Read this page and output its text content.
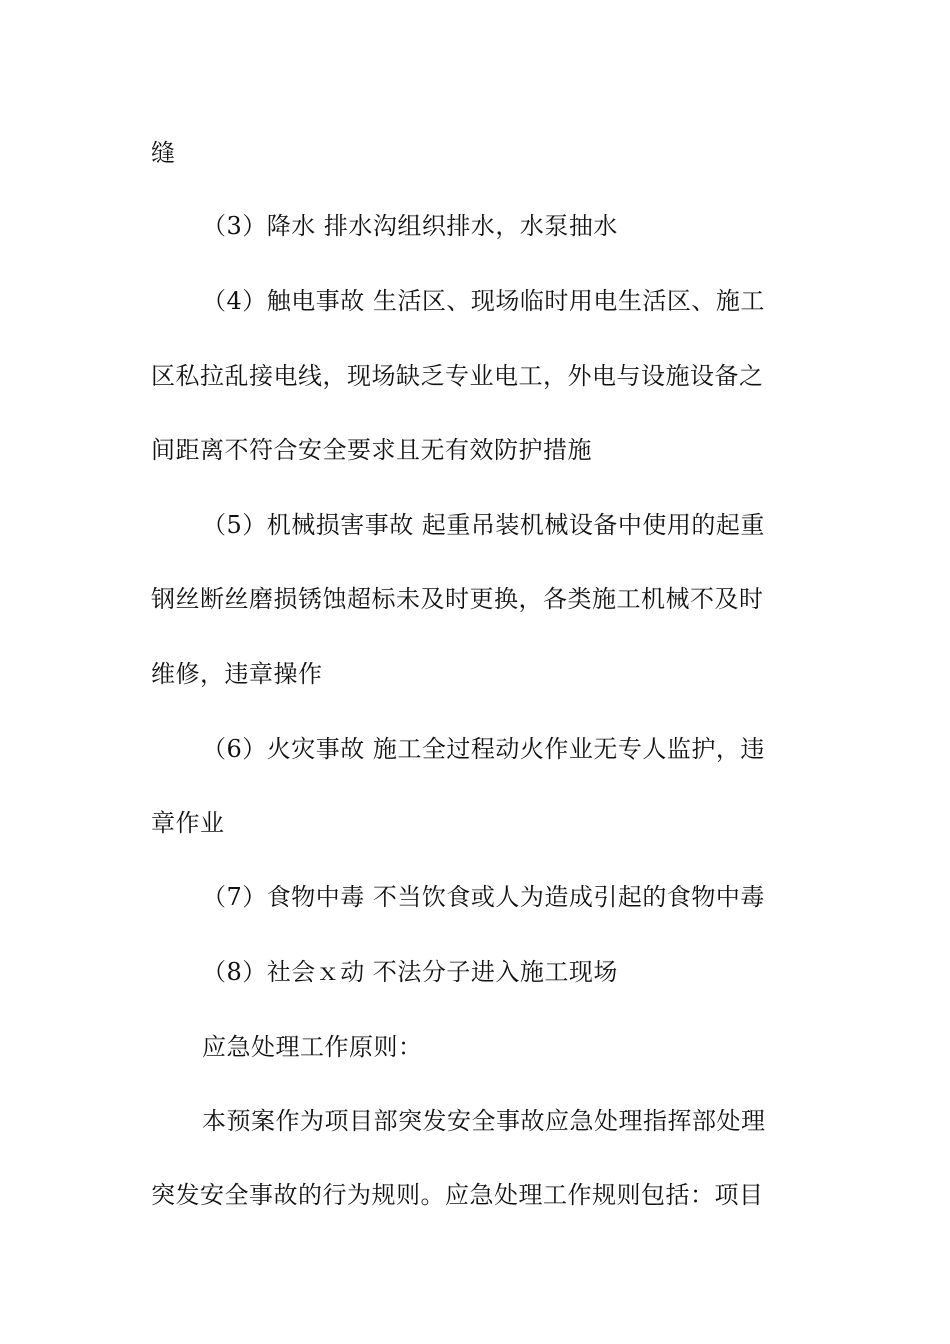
缝
（3）降水 排水沟组织排水，水泵抽水
（4）触电事故 生活区、现场临时用电生活区、施工
区私拉乱接电线，现场缺乏专业电工，外电与设施设备之
间距离不符合安全要求且无有效防护措施
（5）机械损害事故 起重吊装机械设备中使用的起重
钢丝断丝磨损锈蚀超标未及时更换，各类施工机械不及时
维修，违章操作
（6）火灾事故 施工全过程动火作业无专人监护，违
章作业
（7）食物中毒 不当饮食或人为造成引起的食物中毒
（8）社会ｘ动 不法分子进入施工现场
应急处理工作原则：
本预案作为项目部突发安全事故应急处理指挥部处理
突发安全事故的行为规则。应急处理工作规则包括：项目
